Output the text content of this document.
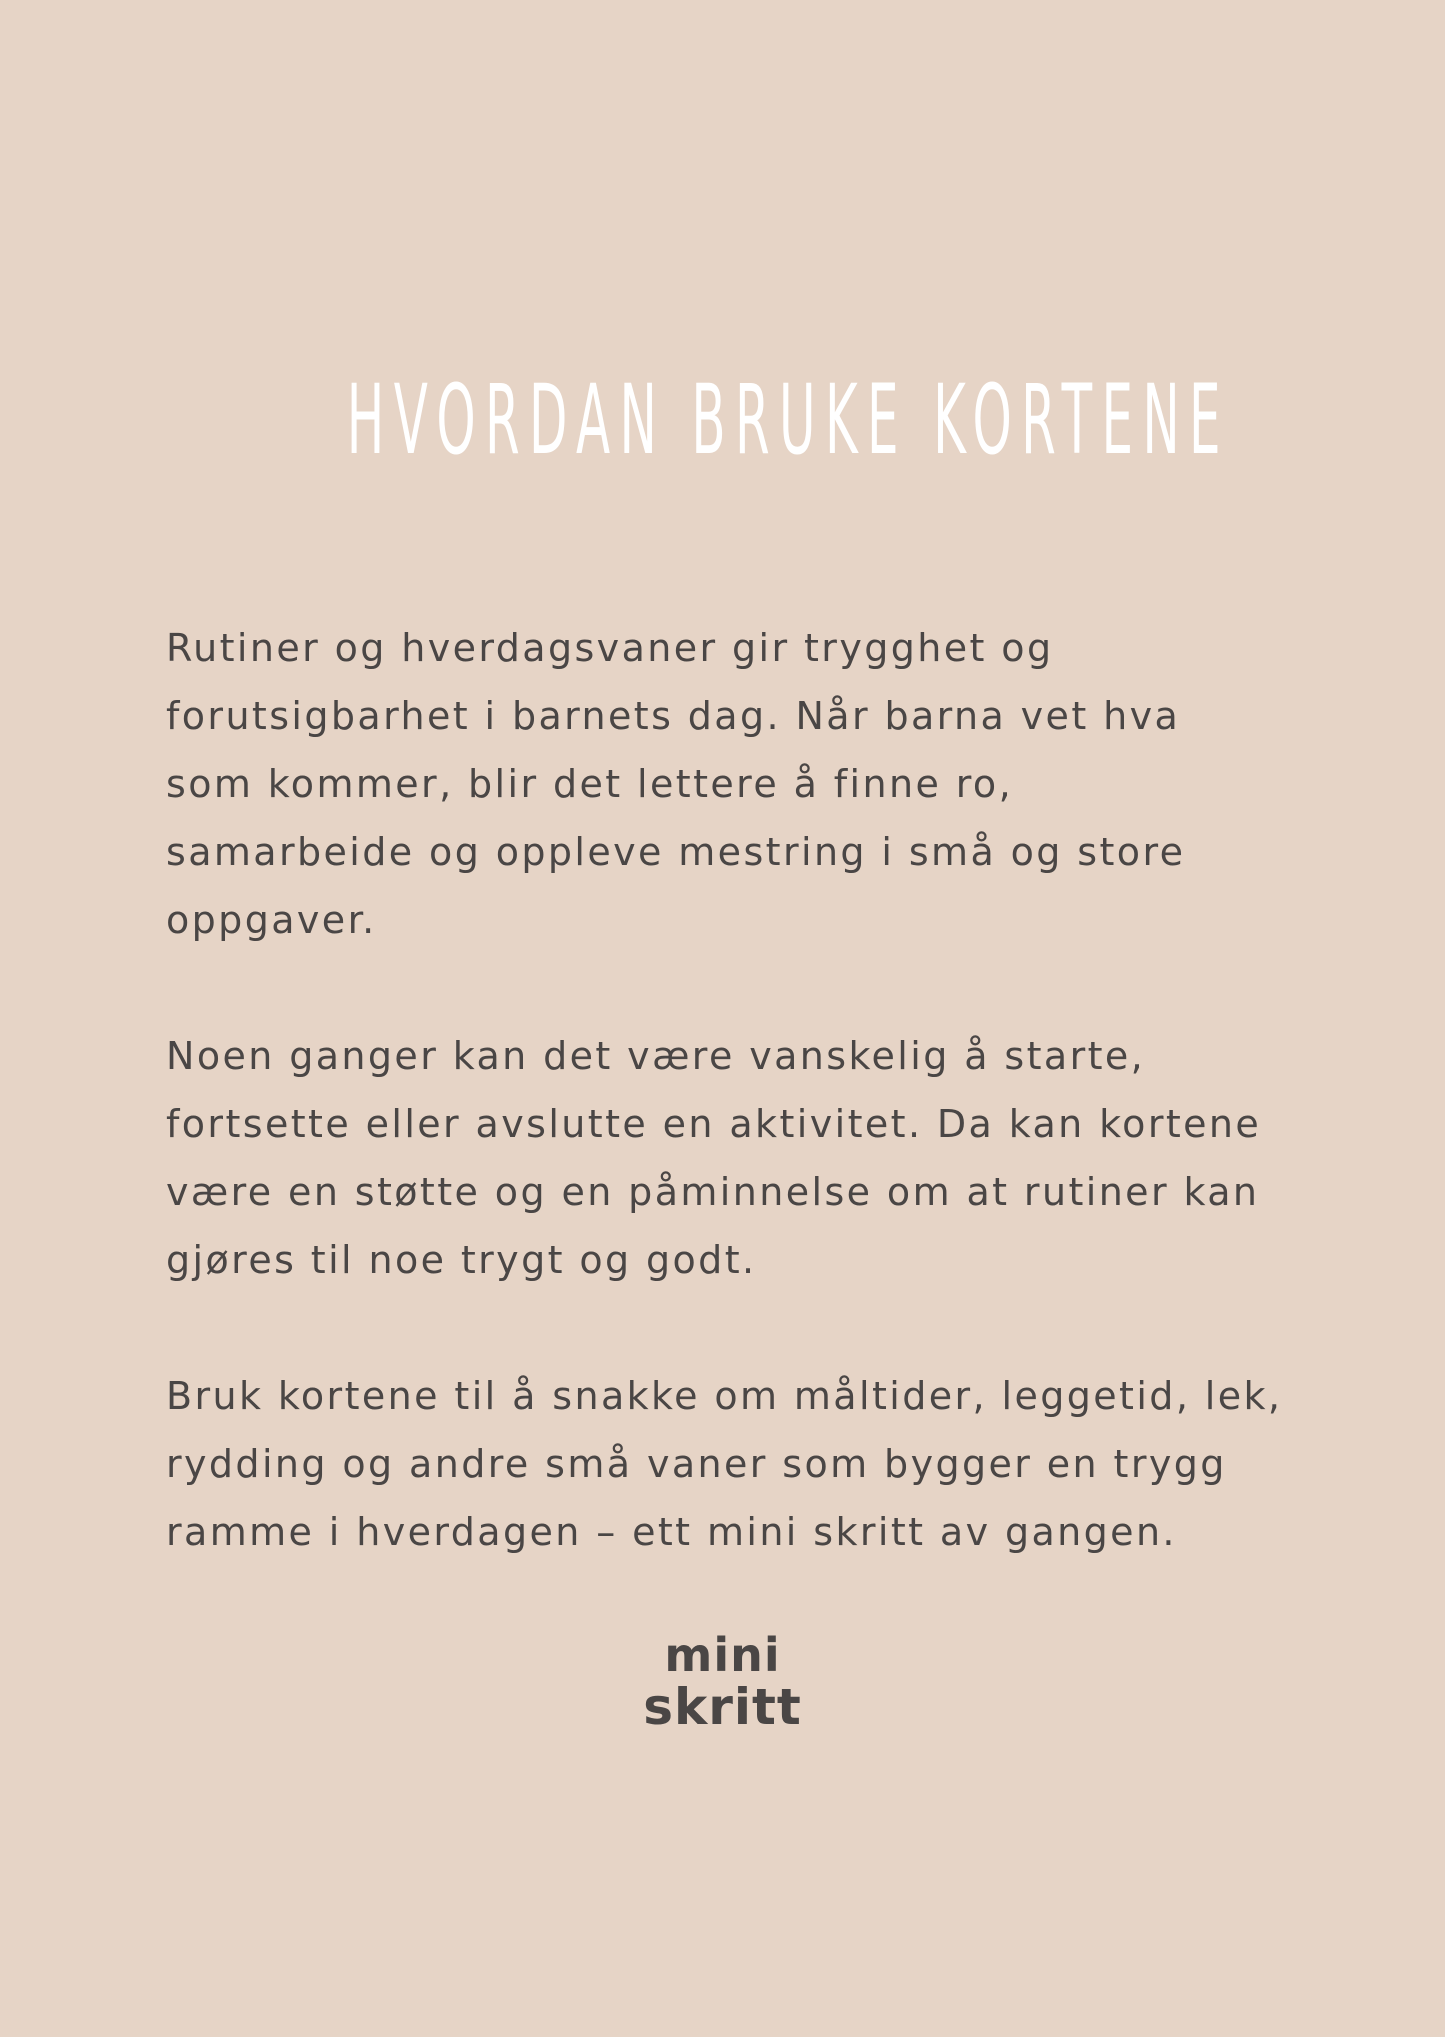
HVORDAN BRUKE KORTENE

Rutiner og hverdagsvaner gir trygghet og
forutsigbarhet i barnets dag. Når barna vet hva
som kommer, blir det lettere å finne ro,
samarbeide og oppleve mestring i små og store
oppgaver.

Noen ganger kan det være vanskelig å starte,
fortsette eller avslutte en aktivitet. Da kan kortene
være en støtte og en påminnelse om at rutiner kan
gjøres til noe trygt og godt.

Bruk kortene til å snakke om måltider, leggetid, lek,
rydding og andre små vaner som bygger en trygg
ramme i hverdagen – ett mini skritt av gangen.

mini
skritt
